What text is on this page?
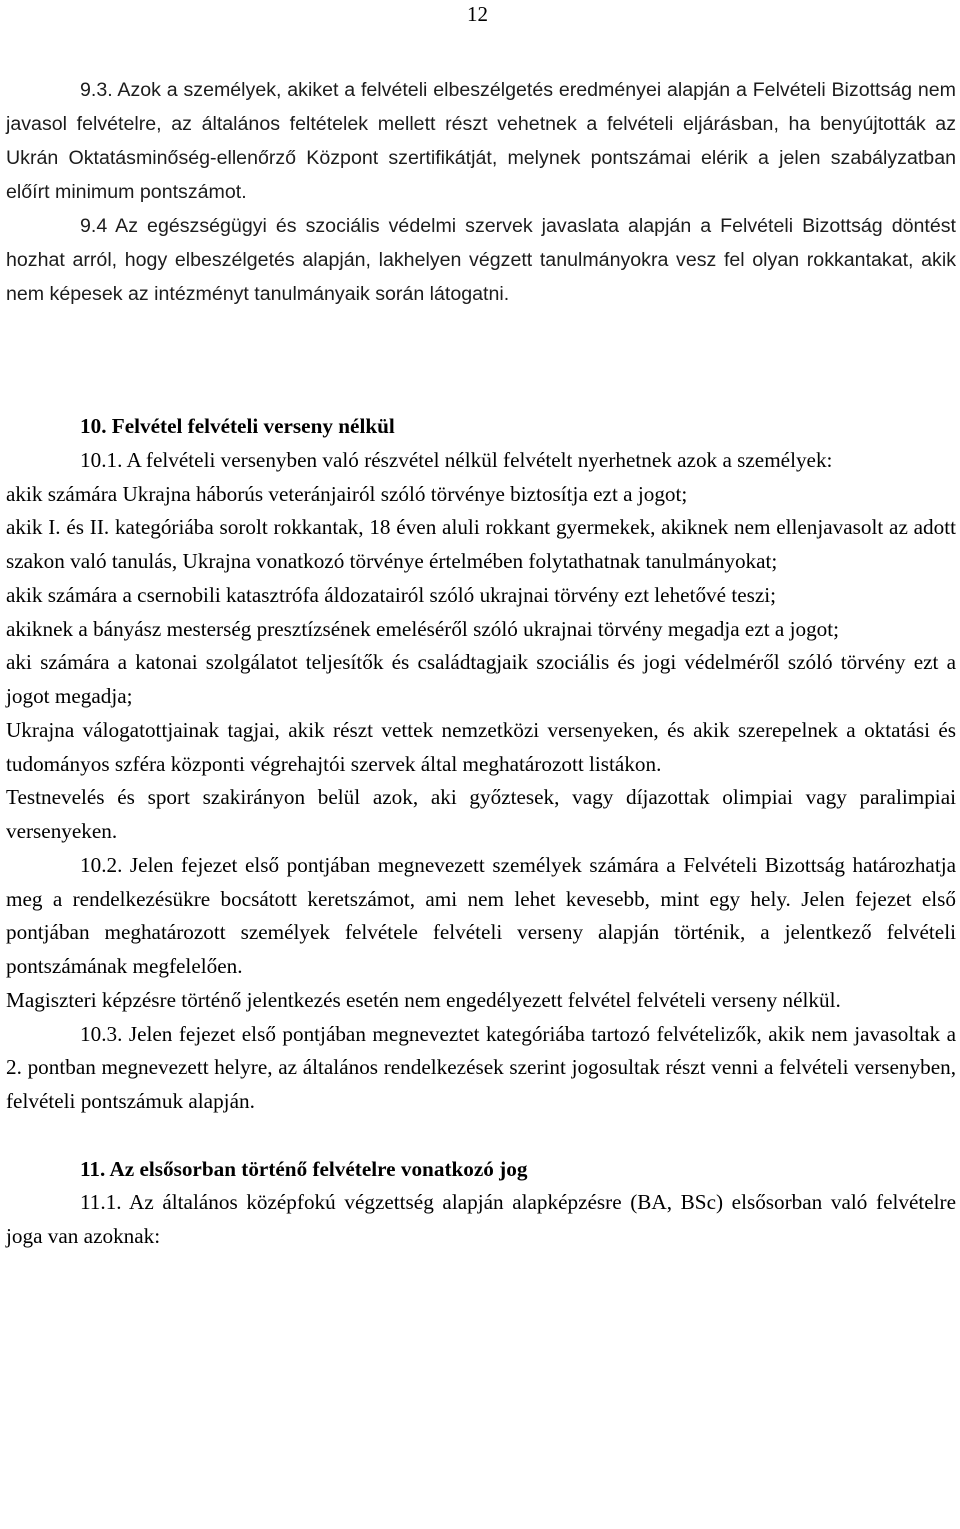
12

9.3. Azok a személyek, akiket a felvételi elbeszélgetés eredményei alapján a Felvételi Bizottság nem javasol felvételre, az általános feltételek mellett részt vehetnek a felvételi eljárásban, ha benyújtották az Ukrán Oktatásminőség-ellenőrző Központ szertifikátját, melynek pontszámai elérik a jelen szabályzatban előírt minimum pontszámot.

9.4 Az egészségügyi és szociális védelmi szervek javaslata alapján a Felvételi Bizottság döntést hozhat arról, hogy elbeszélgetés alapján, lakhelyen végzett tanulmányokra vesz fel olyan rokkantakat, akik nem képesek az intézményt tanulmányaik során látogatni.

10. Felvétel felvételi verseny nélkül

10.1. A felvételi versenyben való részvétel nélkül felvételt nyerhetnek azok a személyek:

akik számára Ukrajna háborús veteránjairól szóló törvénye biztosítja ezt a jogot;

akik I. és II. kategóriába sorolt rokkantak, 18 éven aluli rokkant gyermekek, akiknek nem ellenjavasolt az adott szakon való tanulás, Ukrajna vonatkozó törvénye értelmében folytathatnak tanulmányokat;

akik számára a csernobili katasztrófa áldozatairól szóló ukrajnai törvény ezt lehetővé teszi;

akiknek a bányász mesterség presztízsének emeléséről szóló ukrajnai törvény megadja ezt a jogot;

aki számára a katonai szolgálatot teljesítők és családtagjaik szociális és jogi védelméről szóló törvény ezt a jogot megadja;

Ukrajna válogatottjainak tagjai, akik részt vettek nemzetközi versenyeken, és akik szerepelnek a oktatási és tudományos szféra központi végrehajtói szervek által meghatározott listákon.

Testnevelés és sport szakirányon belül azok, aki győztesek, vagy díjazottak olimpiai vagy paralimpiai versenyeken.

10.2. Jelen fejezet első pontjában megnevezett személyek számára a Felvételi Bizottság határozhatja meg a rendelkezésükre bocsátott keretszámot, ami nem lehet kevesebb, mint egy hely. Jelen fejezet első pontjában meghatározott személyek felvétele felvételi verseny alapján történik, a jelentkező felvételi pontszámának megfelelően.

Magiszteri képzésre történő jelentkezés esetén nem engedélyezett felvétel felvételi verseny nélkül.

10.3. Jelen fejezet első pontjában megneveztet kategóriába tartozó felvételizők, akik nem javasoltak a 2. pontban megnevezett helyre, az általános rendelkezések szerint jogosultak részt venni a felvételi versenyben, felvételi pontszámuk alapján.

11. Az elsősorban történő felvételre vonatkozó jog

11.1. Az általános középfokú végzettség alapján alapképzésre (BA, BSc) elsősorban való felvételre joga van azoknak:
